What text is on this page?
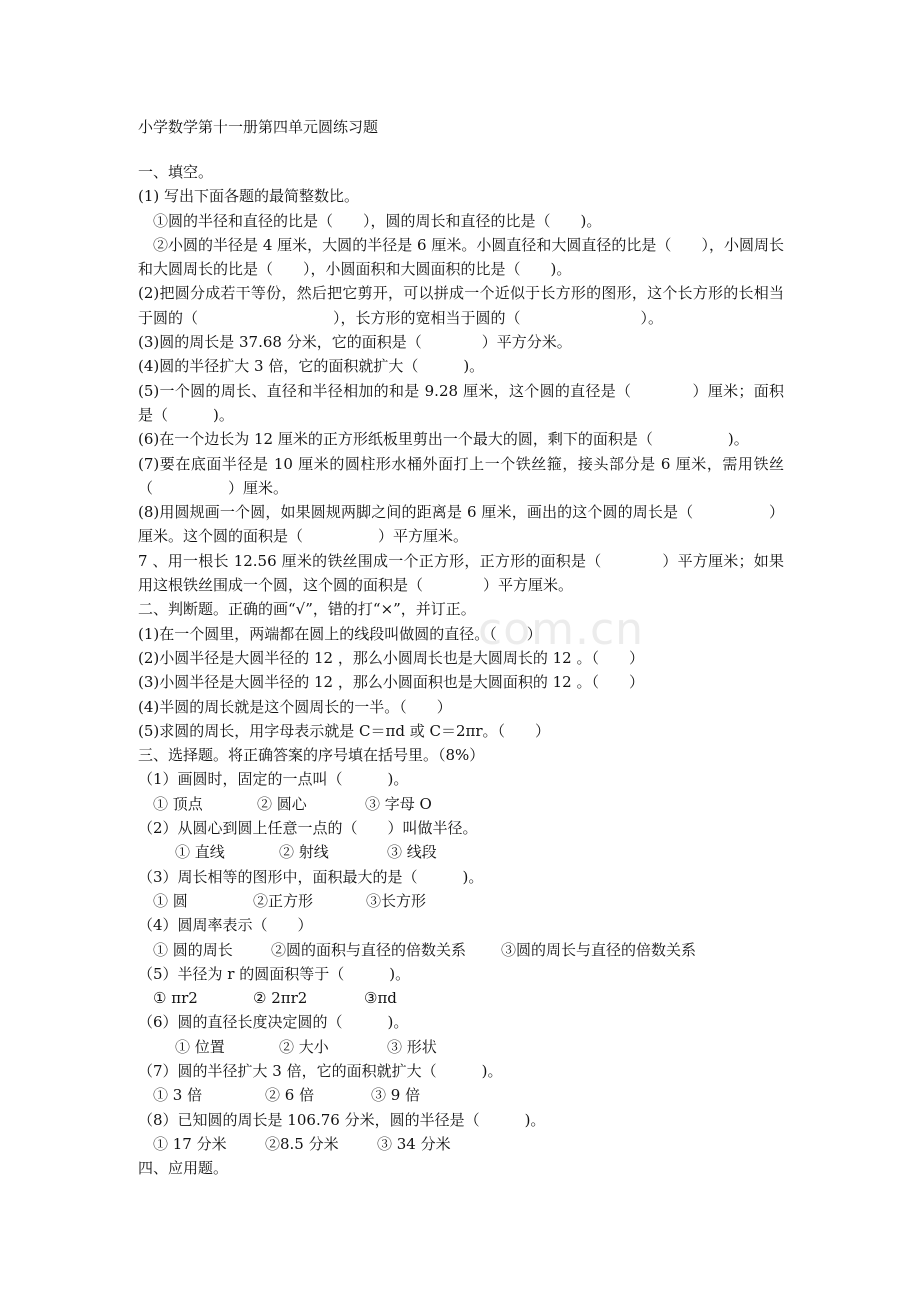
com.cn
小学数学第十一册第四单元圆练习题
一、填空。
(1) 写出下面各题的最简整数比。
①圆的半径和直径的比是（　　），圆的周长和直径的比是（　　)。
②小圆的半径是 4 厘米，大圆的半径是 6 厘米。小圆直径和大圆直径的比是（　　），小圆周长和大圆周长的比是（　　），小圆面积和大圆面积的比是（　　)。
(2)把圆分成若干等份，然后把它剪开，可以拼成一个近似于长方形的图形，这个长方形的长相当于圆的（　　　　　　　　　），长方形的宽相当于圆的（　　　　　　　　）。
(3)圆的周长是 37.68 分米，它的面积是（　　　　）平方分米。
(4)圆的半径扩大 3 倍，它的面积就扩大（　　　)。
(5)一个圆的周长、直径和半径相加的和是 9.28 厘米，这个圆的直径是（　　　　）厘米；面积是（　　　)。
(6)在一个边长为 12 厘米的正方形纸板里剪出一个最大的圆，剩下的面积是（　　　　　)。
(7)要在底面半径是 10 厘米的圆柱形水桶外面打上一个铁丝箍，接头部分是 6 厘米，需用铁丝（　　　　　）厘米。
(8)用圆规画一个圆，如果圆规两脚之间的距离是 6 厘米，画出的这个圆的周长是（　　　　　）厘米。这个圆的面积是（　　　　　）平方厘米。
7 、用一根长 12.56 厘米的铁丝围成一个正方形，正方形的面积是（　　　　）平方厘米；如果用这根铁丝围成一个圆，这个圆的面积是（　　　　）平方厘米。
二、判断题。正确的画“√”，错的打“×”，并订正。
(1)在一个圆里，两端都在圆上的线段叫做圆的直径。（　　）
(2)小圆半径是大圆半径的 12 ，那么小圆周长也是大圆周长的 12 。（　　）
(3)小圆半径是大圆半径的 12 ，那么小圆面积也是大圆面积的 12 。（　　）
(4)半圆的周长就是这个圆周长的一半。（　　）
(5)求圆的周长，用字母表示就是 C＝πd 或 C＝2πr。（　　）
三、选择题。将正确答案的序号填在括号里。（8%）
（1）画圆时，固定的一点叫（　　　)。
① 顶点	② 圆心	③ 字母 O
（2）从圆心到圆上任意一点的（　　）叫做半径。
① 直线	② 射线	③ 线段
（3）周长相等的图形中，面积最大的是（　　　)。
① 圆	②正方形	③长方形
（4）圆周率表示（　　）
① 圆的周长	②圆的面积与直径的倍数关系	③圆的周长与直径的倍数关系
（5）半径为 r 的圆面积等于（　　　)。
① πr2	② 2πr2	③πd
（6）圆的直径长度决定圆的（　　　)。
① 位置	② 大小	③ 形状
（7）圆的半径扩大 3 倍，它的面积就扩大（　　　)。
① 3 倍	② 6 倍	③ 9 倍
（8）已知圆的周长是 106.76 分米，圆的半径是（　　　)。
① 17 分米	②8.5 分米	③ 34 分米
四、应用题。
